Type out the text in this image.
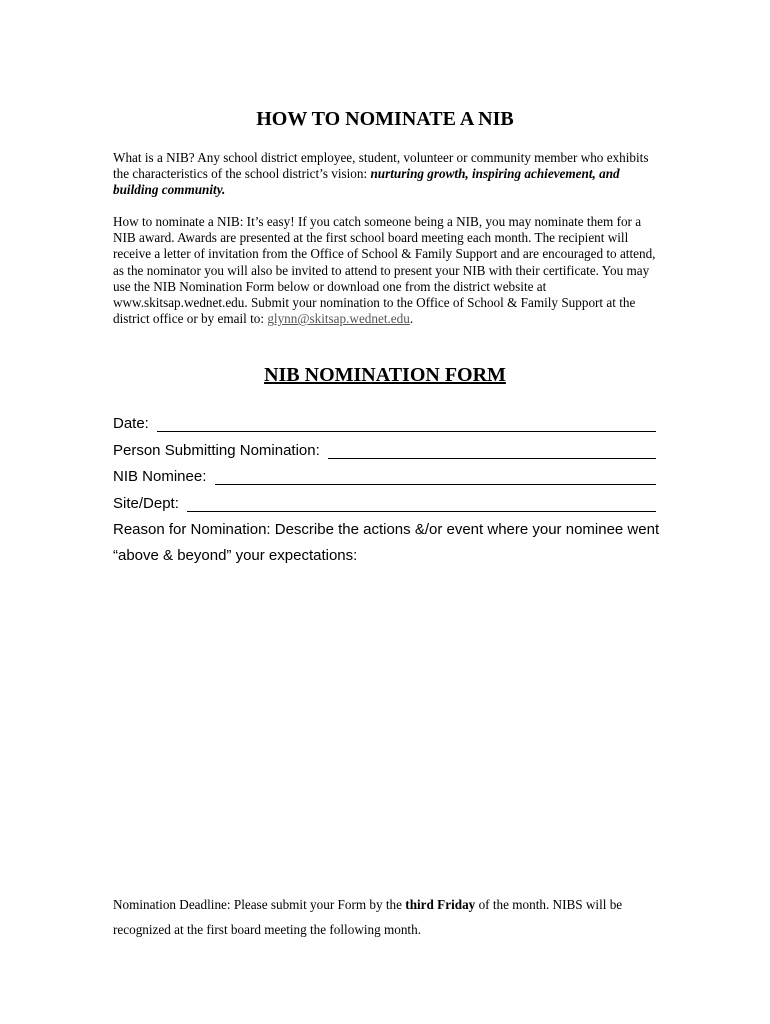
HOW TO NOMINATE A NIB

What is a NIB? Any school district employee, student, volunteer or community member who exhibits the characteristics of the school district’s vision: nurturing growth, inspiring achievement, and building community.

How to nominate a NIB: It’s easy! If you catch someone being a NIB, you may nominate them for a NIB award. Awards are presented at the first school board meeting each month. The recipient will receive a letter of invitation from the Office of School & Family Support and are encouraged to attend, as the nominator you will also be invited to attend to present your NIB with their certificate. You may use the NIB Nomination Form below or download one from the district website at www.skitsap.wednet.edu. Submit your nomination to the Office of School & Family Support at the district office or by email to: glynn@skitsap.wednet.edu.

NIB NOMINATION FORM
Date:
Person Submitting Nomination:
NIB Nominee:
Site/Dept:

Reason for Nomination: Describe the actions &/or event where your nominee went “above & beyond” your expectations:

Nomination Deadline: Please submit your Form by the third Friday of the month. NIBS will be recognized at the first board meeting the following month.
